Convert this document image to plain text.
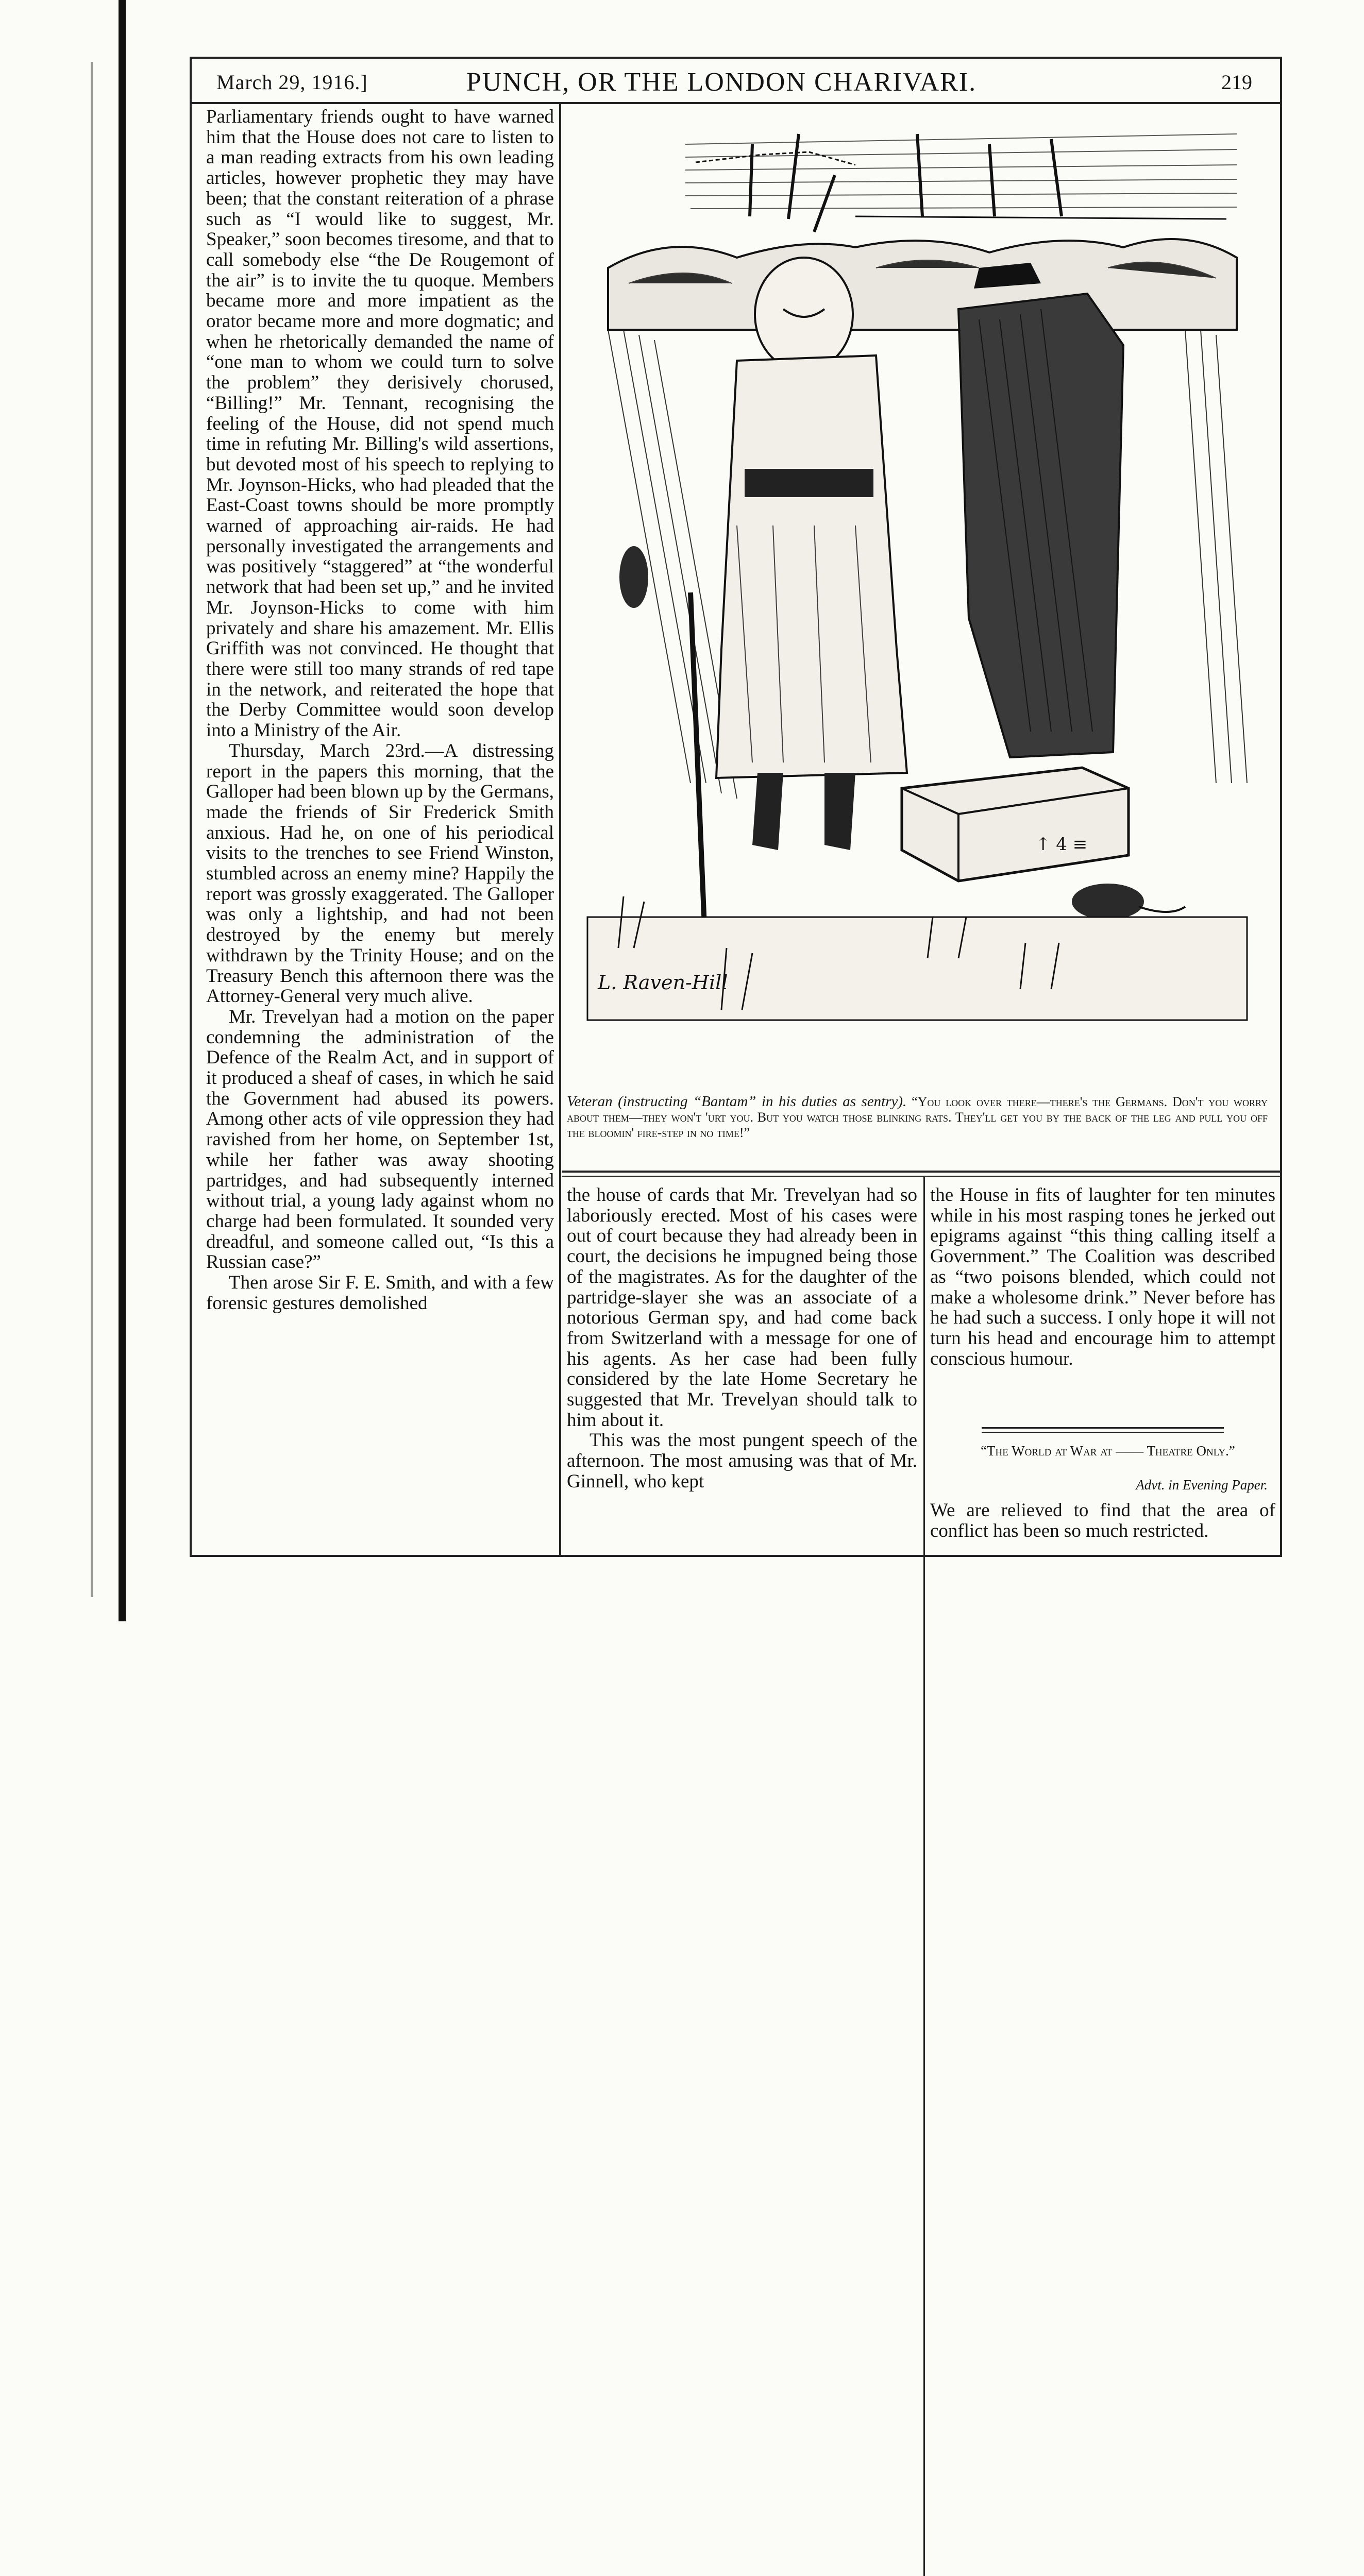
March 29, 1916.]	PUNCH, OR THE LONDON CHARIVARI.	219

Parliamentary friends ought to have warned him that the House does not care to listen to a man reading extracts from his own leading articles, however prophetic they may have been; that the constant reiteration of a phrase such as “I would like to suggest, Mr. Speaker,” soon becomes tiresome, and that to call somebody else “the De Rougemont of the air” is to invite the tu quoque. Members became more and more impatient as the orator became more and more dogmatic; and when he rhetorically demanded the name of “one man to whom we could turn to solve the problem” they derisively chorused, “Billing!” Mr. Tennant, recognising the feeling of the House, did not spend much time in refuting Mr. Billing's wild assertions, but devoted most of his speech to replying to Mr. Joynson-Hicks, who had pleaded that the East-Coast towns should be more promptly warned of approaching air-raids. He had personally investigated the arrangements and was positively “staggered” at “the wonderful network that had been set up,” and he invited Mr. Joynson-Hicks to come with him privately and share his amazement. Mr. Ellis Griffith was not convinced. He thought that there were still too many strands of red tape in the network, and reiterated the hope that the Derby Committee would soon develop into a Ministry of the Air.

Thursday, March 23rd.—A distressing report in the papers this morning, that the Galloper had been blown up by the Germans, made the friends of Sir Frederick Smith anxious. Had he, on one of his periodical visits to the trenches to see Friend Winston, stumbled across an enemy mine? Happily the report was grossly exaggerated. The Galloper was only a lightship, and had not been destroyed by the enemy but merely withdrawn by the Trinity House; and on the Treasury Bench this afternoon there was the Attorney-General very much alive.

Mr. Trevelyan had a motion on the paper condemning the administration of the Defence of the Realm Act, and in support of it produced a sheaf of cases, in which he said the Government had abused its powers. Among other acts of vile oppression they had ravished from her home, on September 1st, while her father was away shooting partridges, and had subsequently interned without trial, a young lady against whom no charge had been formulated. It sounded very dreadful, and someone called out, “Is this a Russian case?”

Then arose Sir F. E. Smith, and with a few forensic gestures demolished

↑ 4 ≡
L. Raven-Hill
Veteran (instructing “Bantam” in his duties as sentry). “You look over there—there's the Germans. Don't you worry about them—they won't 'urt you. But you watch those blinking rats. They'll get you by the back of the leg and pull you off the bloomin' fire-step in no time!”

the house of cards that Mr. Trevelyan had so laboriously erected. Most of his cases were out of court because they had already been in court, the decisions he impugned being those of the magistrates. As for the daughter of the partridge-slayer she was an associate of a notorious German spy, and had come back from Switzerland with a message for one of his agents. As her case had been fully considered by the late Home Secretary he suggested that Mr. Trevelyan should talk to him about it.

This was the most pungent speech of the afternoon. The most amusing was that of Mr. Ginnell, who kept

the House in fits of laughter for ten minutes while in his most rasping tones he jerked out epigrams against “this thing calling itself a Government.” The Coalition was described as “two poisons blended, which could not make a wholesome drink.” Never before has he had such a success. I only hope it will not turn his head and encourage him to attempt conscious humour.

“The World at War at —— Theatre Only.”
Advt. in Evening Paper.

We are relieved to find that the area of conflict has been so much restricted.
